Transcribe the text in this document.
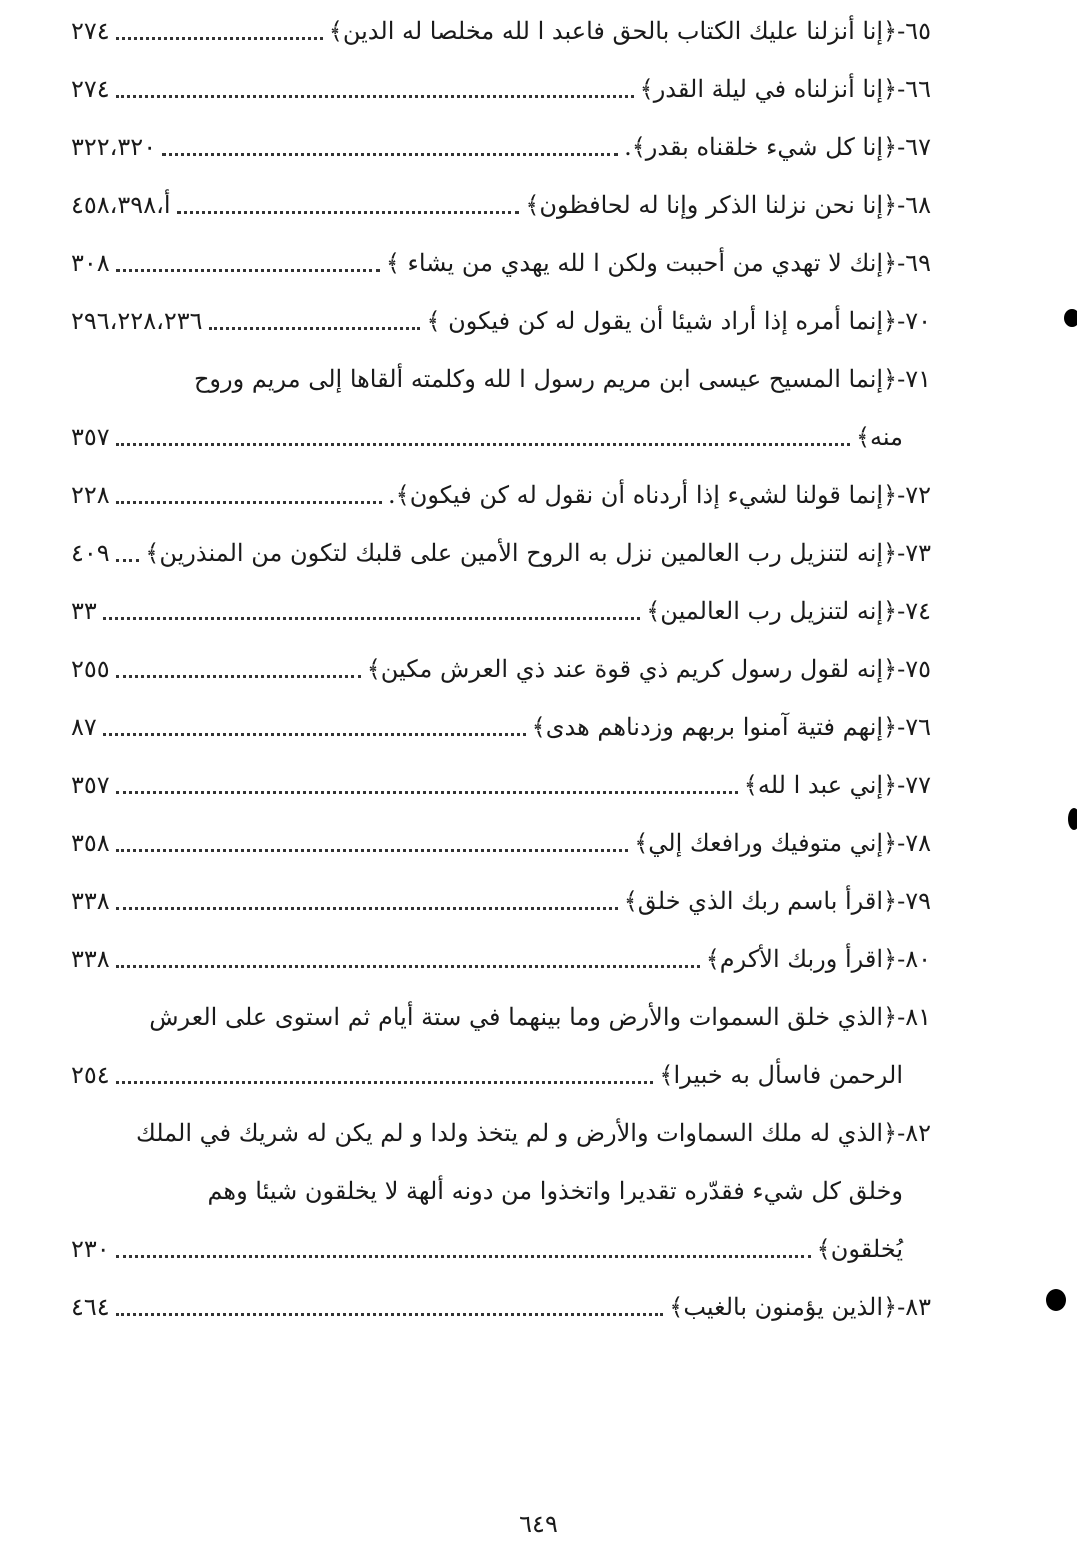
٦٥-
﴿إنا أنزلنا عليك الكتاب بالحق فاعبد ا لله مخلصا له الدين﴾
٢٧٤
٦٦-
﴿إنا أنزلناه في ليلة القدر﴾
٢٧٤
٦٧-
﴿إنا كل شيء خلقناه بقدر﴾.
٣٢٢،٣٢٠
٦٨-
﴿إنا نحن نزلنا الذكر وإنا له لحافظون﴾
أ،٤٥٨،٣٩٨
٦٩-
﴿إنك لا تهدي من أحببت ولكن ا لله يهدي من يشاء ﴾
٣٠٨
٧٠-
﴿إنما أمره إذا أراد شيئا أن يقول له كن فيكون ﴾
٢٩٦،٢٢٨،٢٣٦
٧١-
﴿إنما المسيح عيسى ابن مريم رسول ا لله وكلمته ألقاها إلى مريم وروح
منه﴾
٣٥٧
٧٢-
﴿إنما قولنا لشيء إذا أردناه أن نقول له كن فيكون﴾.
٢٢٨
٧٣-
﴿إنه لتنزيل رب العالمين نزل به الروح الأمين على قلبك لتكون من المنذرين﴾
٤٠٩
٧٤-
﴿إنه لتنزيل رب العالمين﴾
٣٣
٧٥-
﴿إنه لقول رسول كريم ذي قوة عند ذي العرش مكين﴾
٢٥٥
٧٦-
﴿إنهم فتية آمنوا بربهم وزدناهم هدى﴾
٨٧
٧٧-
﴿إني عبد ا لله﴾
٣٥٧
٧٨-
﴿إني متوفيك ورافعك إلي﴾
٣٥٨
٧٩-
﴿اقرأ باسم ربك الذي خلق﴾
٣٣٨
٨٠-
﴿اقرأ وربك الأكرم﴾
٣٣٨
٨١-
﴿الذي خلق السموات والأرض وما بينهما في ستة أيام ثم استوى على العرش
الرحمن فاسأل به خبيرا﴾
٢٥٤
٨٢-
﴿الذي له ملك السماوات والأرض و لم يتخذ ولدا و لم يكن له شريك في الملك
وخلق كل شيء فقدّره تقديرا واتخذوا من دونه ألهة لا يخلقون شيئا وهم
يُخلقون﴾
٢٣٠
٨٣-
﴿الذين يؤمنون بالغيب﴾
٤٦٤
٦٤٩
